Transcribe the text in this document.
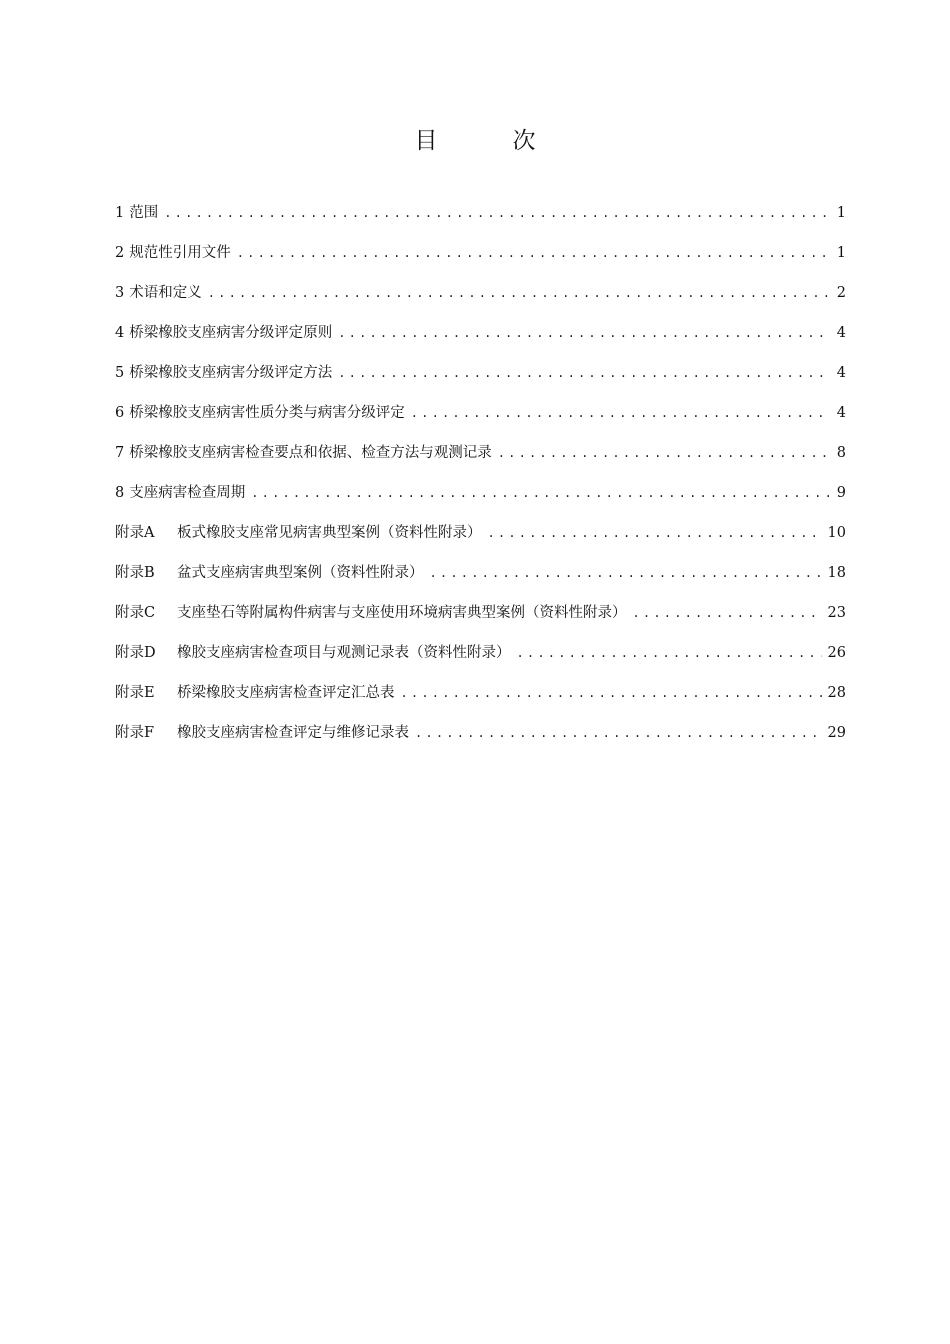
目　次
1 范围 .....	1
2 规范性引用文件 .....	1
3 术语和定义 .....	2
4 桥梁橡胶支座病害分级评定原则 .....	4
5 桥梁橡胶支座病害分级评定方法 .....	4
6 桥梁橡胶支座病害性质分类与病害分级评定 .....	4
7 桥梁橡胶支座病害检查要点和依据、检查方法与观测记录 .....	8
8 支座病害检查周期 .....	9
附录A 板式橡胶支座常见病害典型案例（资料性附录） .....	10
附录B 盆式支座病害典型案例（资料性附录） .....	18
附录C 支座垫石等附属构件病害与支座使用环境病害典型案例（资料性附录） .....	23
附录D 橡胶支座病害检查项目与观测记录表（资料性附录） .....	26
附录E 桥梁橡胶支座病害检查评定汇总表 .....	28
附录F 橡胶支座病害检查评定与维修记录表 .....	29
